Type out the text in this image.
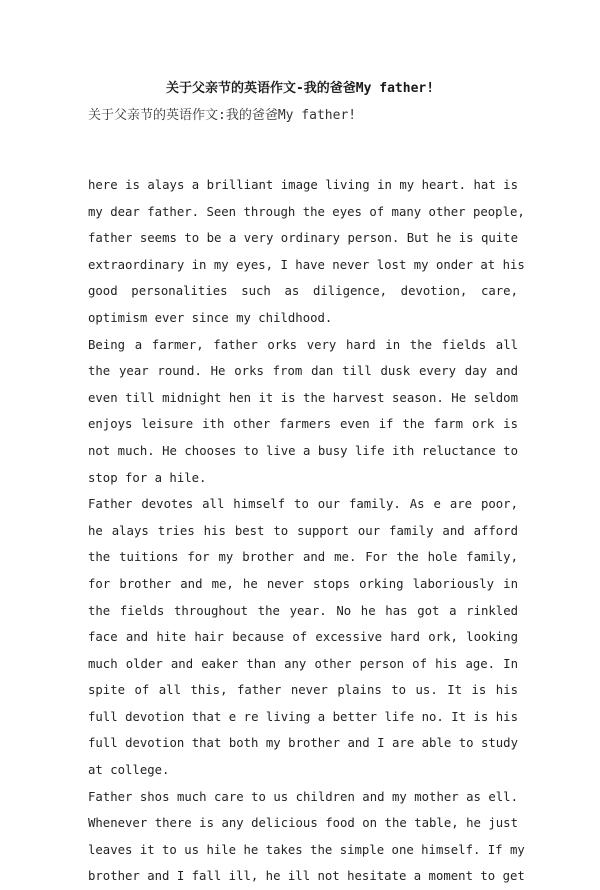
关于父亲节的英语作文-我的爸爸My father!
关于父亲节的英语作文:我的爸爸My father!
here is alays a brilliant image living in my heart. hat is
my dear father. Seen through the eyes of many other people,
father seems to be a very ordinary person. But he is quite
extraordinary in my eyes, I have never lost my onder at his
good personalities such as diligence, devotion, care,
optimism ever since my childhood.
Being a farmer, father orks very hard in the fields all
the year round. He orks from dan till dusk every day and
even till midnight hen it is the harvest season. He seldom
enjoys leisure ith other farmers even if the farm ork is
not much. He chooses to live a busy life ith reluctance to
stop for a hile.
Father devotes all himself to our family. As e are poor,
he alays tries his best to support our family and afford
the tuitions for my brother and me. For the hole family,
for brother and me, he never stops orking laboriously in
the fields throughout the year. No he has got a rinkled
face and hite hair because of excessive hard ork, looking
much older and eaker than any other person of his age. In
spite of all this, father never plains to us. It is his
full devotion that e re living a better life no. It is his
full devotion that both my brother and I are able to study
at college.
Father shos much care to us children and my mother as ell.
Whenever there is any delicious food on the table, he just
leaves it to us hile he takes the simple one himself. If my
brother and I fall ill, he ill not hesitate a moment to get
